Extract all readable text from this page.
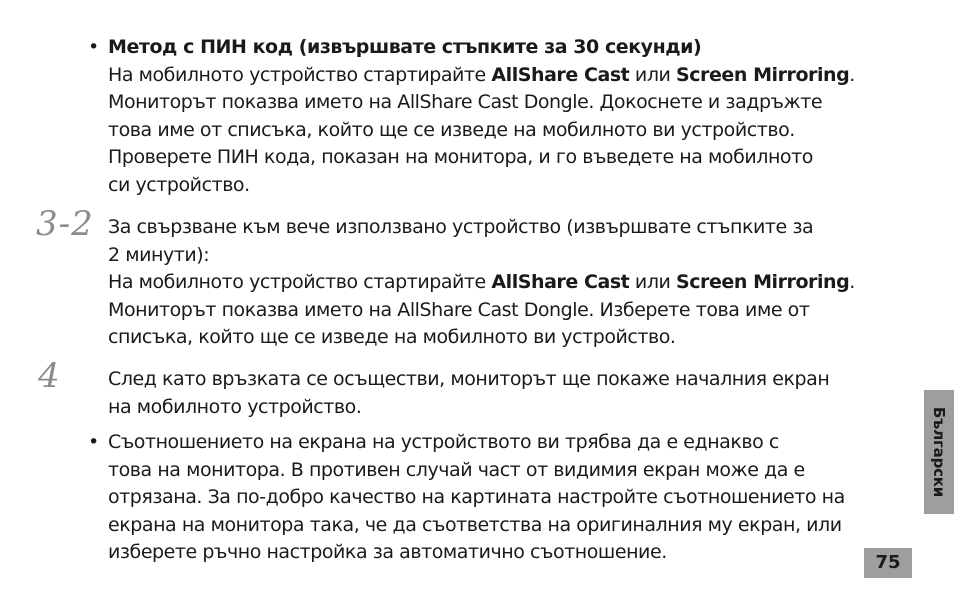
• Метод с ПИН код (извършвате стъпките за 30 секунди)
На мобилното устройство стартирайте AllShare Cast или Screen Mirroring.
Мониторът показва името на AllShare Cast Dongle. Докоснете и задръжте
това име от списъка, който ще се изведе на мобилното ви устройство.
Проверете ПИН кода, показан на монитора, и го въведете на мобилното
си устройство.
3-2 За свързване към вече използвано устройство (извършвате стъпките за
2 минути):
На мобилното устройство стартирайте AllShare Cast или Screen Mirroring.
Мониторът показва името на AllShare Cast Dongle. Изберете това име от
списъка, който ще се изведе на мобилното ви устройство.
4 След като връзката се осъществи, мониторът ще покаже началния екран
на мобилното устройство.
• Съотношението на екрана на устройството ви трябва да е еднакво с
това на монитора. В противен случай част от видимия екран може да е
отрязана. За по-добро качество на картината настройте съотношението на
екрана на монитора така, че да съответства на оригиналния му екран, или
изберете ръчно настройка за автоматично съотношение.
Български
75
